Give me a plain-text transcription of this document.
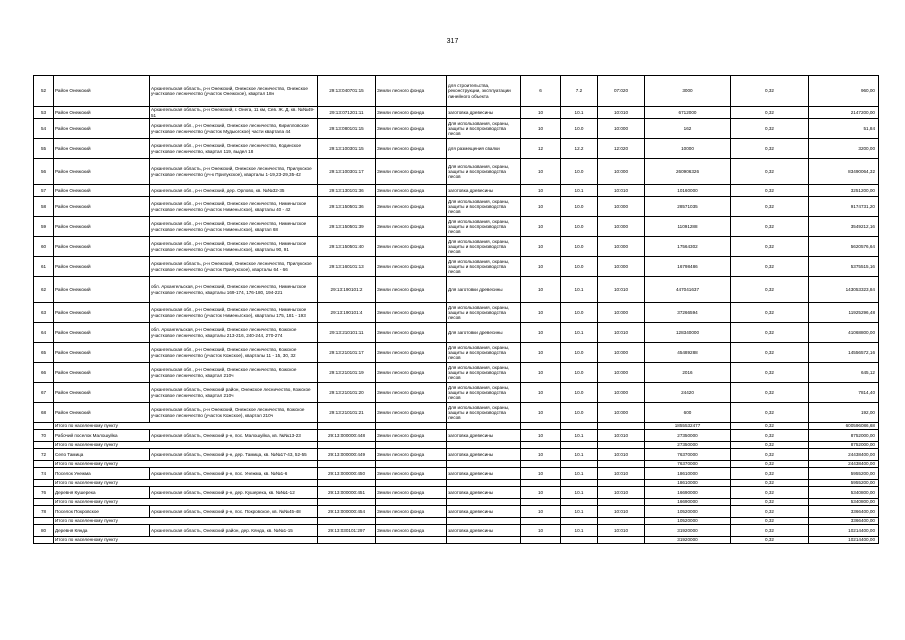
317
52	Район Онежский	Архангельская область, р-н Онежский, Онежское лесничество, Онежское участковое лесничество (участок Онежское), квартал 18н	29:13:040701:15	Земли лесного фонда	для строительства, реконструкции, эксплуатации линейного объекта	6	7.2	07:020	3000	0,32	960,00
53	Район Онежский	Архангельская область, р-н Онежский, г. Онега, 11 км, Сев. Ж. Д. кв. №№49-51	29:13:071201:11	Земли лесного фонда	заготовка древесины	10	10.1	10:010	6712000	0,32	2147200,00
54	Район Онежский	Архангельская обл., р-н Онежский, Онежское лесничество, Кирилловское участковое лесничество (участок Мудьюгское) части квартала 44	29:13:080101:15	Земли лесного фонда	Для использования, охраны, защиты и воспроизводства лесов	10	10.0	10:000	162	0,32	51,84
55	Район Онежский	Архангельская обл., р-н Онежский, Онежское лесничество, Кодинское участковое лесничество, квартал 119, выдел 18	29:13:100301:15	Земли лесного фонда	для размещения свалки	12	12.2	12:020	10000	0,32	3200,00
56	Район Онежский	Архангельская область, р-н Онежский, Онежское лесничество, Прилукское участковое лесничество (уч-к Прилукское), кварталы 1-19,23-29,35-42	29:13:100301:17	Земли лесного фонда	Для использования, охраны, защиты и воспроизводства лесов	10	10.0	10:000	260906326	0,32	83490064,32
57	Район Онежский	Архангельская обл., р-н Онежский, дер. Орлово, кв. №№32-35	29:13:130101:36	Земли лесного фонда	заготовка древесины	10	10.1	10:010	10160000	0,32	3251200,00
58	Район Онежский	Архангельская обл., р-н Онежский, Онежское лесничество, Нименьгское участковое лесничество (участок Нименьгское), кварталы 40 - 42	29:13:150501:36	Земли лесного фонда	Для использования, охраны, защиты и воспроизводства лесов	10	10.0	10:000	28571035	0,32	9174731,20
59	Район Онежский	Архангельская обл., р-н Онежский, Онежское лесничество, Нименьгское участковое лесничество (участок Нименьгское), квартал 68	29:13:150501:39	Земли лесного фонда	Для использования, охраны, защиты и воспроизводства лесов	10	10.0	10:000	11091288	0,32	3549212,16
60	Район Онежский	Архангельская обл., р-н Онежский, Онежское лесничество, Нименьгское участковое лесничество (участок Нименьгское), кварталы 90, 91	29:13:150501:40	Земли лесного фонда	Для использования, охраны, защиты и воспроизводства лесов	10	10.0	10:000	17564302	0,32	5620576,64
61	Район Онежский	Архангельская область, р-н Онежский, Онежское лесничество, Прилукское участковое лесничество (участок Прилукское), кварталы 64 - 66	29:13:160101:13	Земли лесного фонда	Для использования, охраны, защиты и воспроизводства лесов	10	10.0	10:000	16798486	0,32	5375515,16
62	Район Онежский	обл. Архангельская, р-н Онежский, Онежское лесничество, Нименьгское участковое лесничество, кварталы 169-174, 176-180, 194-221	29:13:190101:2	Земли лесного фонда	Для заготовки древесины	10	10.1	10:010	447041637	0,32	143053323,84
63	Район Онежский	Архангельская обл., р-н Онежский, Онежское лесничество, Нименьгское участковое лесничество (участок Нименьгское), кварталы 175, 181 - 193	29:13:190101:4	Земли лесного фонда	Для использования, охраны, защиты и воспроизводства лесов	10	10.0	10:000	37266594	0,32	11925296,48
64	Район Онежский	обл. Архангельская, р-н Онежский, Онежское лесничество, Кожское участковое лесничество, кварталы 213-216, 240-244, 270-274	29:13:210101:11	Земли лесного фонда	Для заготовки древесины	10	10.1	10:010	128340000	0,32	41068800,00
65	Район Онежский	Архангельская обл., р-н Онежский, Онежское лесничество, Кожское участковое лесничество (участок Кожское), кварталы 11 - 15, 30, 32	29:13:210101:17	Земли лесного фонда	Для использования, охраны, защиты и воспроизводства лесов	10	10.0	10:000	45489288	0,32	14556572,16
66	Район Онежский	Архангельская обл., р-н Онежский, Онежское лесничество, Кожское участковое лесничество, квартал 210ч	29:13:210101:19	Земли лесного фонда	Для использования, охраны, защиты и воспроизводства лесов	10	10.0	10:000	2016	0,32	645,12
67	Район Онежский	Архангельская область, Онежский район, Онежское лесничество, Кожское участковое лесничество, квартал 210ч	29:13:210101:20	Земли лесного фонда	Для использования, охраны, защиты и воспроизводства лесов	10	10.0	10:000	24420	0,32	7814,40
68	Район Онежский	Архангельская область, р-н Онежский, Онежское лесничество, Кожское участковое лесничество (участок Кожское), квартал 210ч	29:13:210101:21	Земли лесного фонда	Для использования, охраны, защиты и воспроизводства лесов	10	10.0	10:000	600	0,32	192,00
	Итого по населенному пункту								1855532477	0,32	600596086,68
70	Рабочий поселок Малошуйка	Архангельская область, Онежский р-н, пос. Малошуйка, кв. №№13-23	29:13:000000:448	Земли лесного фонда	заготовка древесины	10	10.1	10:010	27350000	0,32	8752000,00
	Итого по населенному пункту								27350000	0,32	8752000,00
72	Село Тамица	Архангельская область, Онежский р-н, дер. Тамица, кв. №№17-43, 52-55	29:13:000000:449	Земли лесного фонда	заготовка древесины	10	10.1	10:010	76370000	0,32	24438400,00
	Итого по населенному пункту								76370000	0,32	24438400,00
74	Поселок Унежма	Архангельская область, Онежский р-н, пос. Унежма, кв. №№1-6	29:13:000000:450	Земли лесного фонда	заготовка древесины	10	10.1	10:010	18610000	0,32	5955200,00
	Итого по населенному пункту								18610000	0,32	5955200,00
76	Деревня Кушерека	Архангельская область, Онежский р-н, дер. Кушерека, кв. №№1-12	29:13:000000:451	Земли лесного фонда	заготовка древесины	10	10.1	10:010	16690000	0,32	5340800,00
	Итого по населенному пункту								16690000	0,32	5340800,00
78	Поселок Покровское	Архангельская область, Онежский р-н, пос. Покровское, кв. №№45-48	29:13:000000:454	Земли лесного фонда	заготовка древесины	10	10.1	10:010	10520000	0,32	3366400,00
	Итого по населенному пункту								10520000	0,32	3366400,00
80	Деревня Кянда	Архангельская область, Онежский район, дер. Кянда, кв. №№1-15	29:13:030101:297	Земли лесного фонда	заготовка древесины	10	10.1	10:010	31920000	0,32	10214400,00
	Итого по населенному пункту								31920000	0,32	10214400,00
